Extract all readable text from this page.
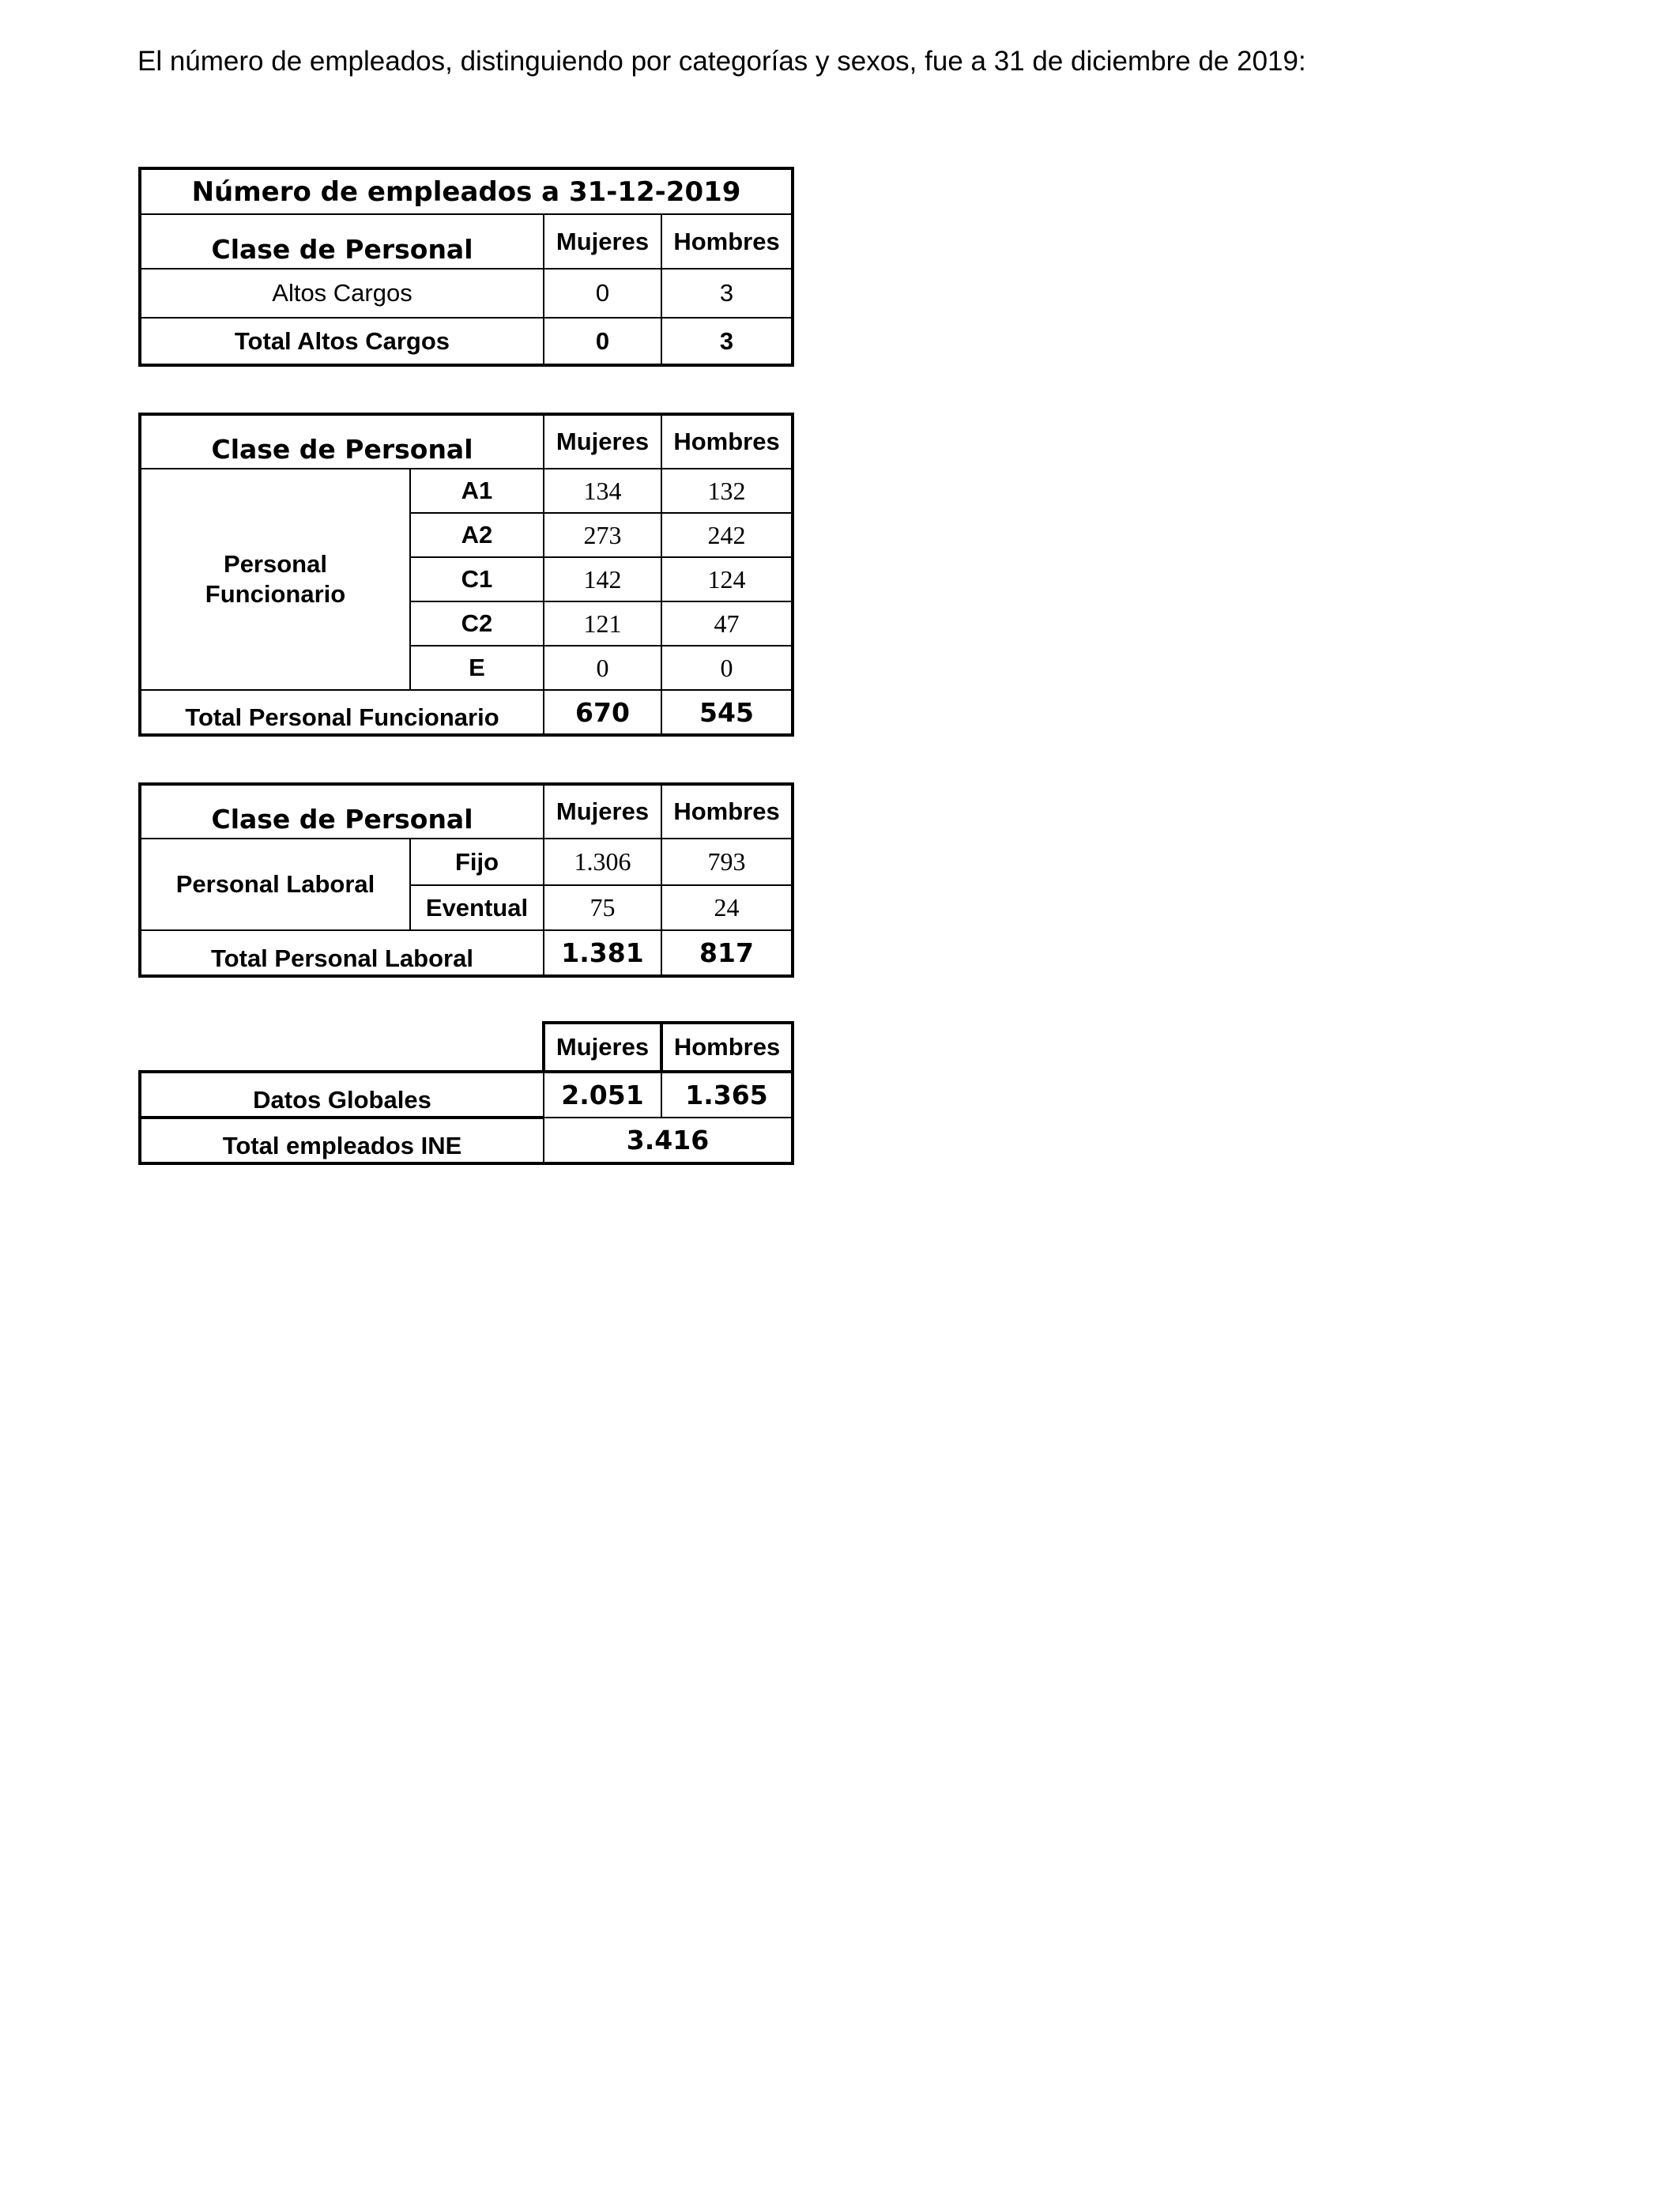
El número de empleados, distinguiendo por categorías y sexos, fue a 31 de diciembre de 2019:
Número de empleados a 31-12-2019		
Clase de Personal	Mujeres	Hombres
Altos Cargos	0	3
Total Altos Cargos	0	3
Clase de Personal		Mujeres	Hombres
Personal Funcionario	A1	134	132
	A2	273	242
	C1	142	124
	C2	121	47
	E	0	0
Total Personal Funcionario		670	545
Clase de Personal		Mujeres	Hombres
Personal Laboral	Fijo	1.306	793
	Eventual	75	24
Total Personal Laboral		1.381	817
	Mujeres	Hombres
Datos Globales	2.051	1.365
Total empleados INE	3.416	
